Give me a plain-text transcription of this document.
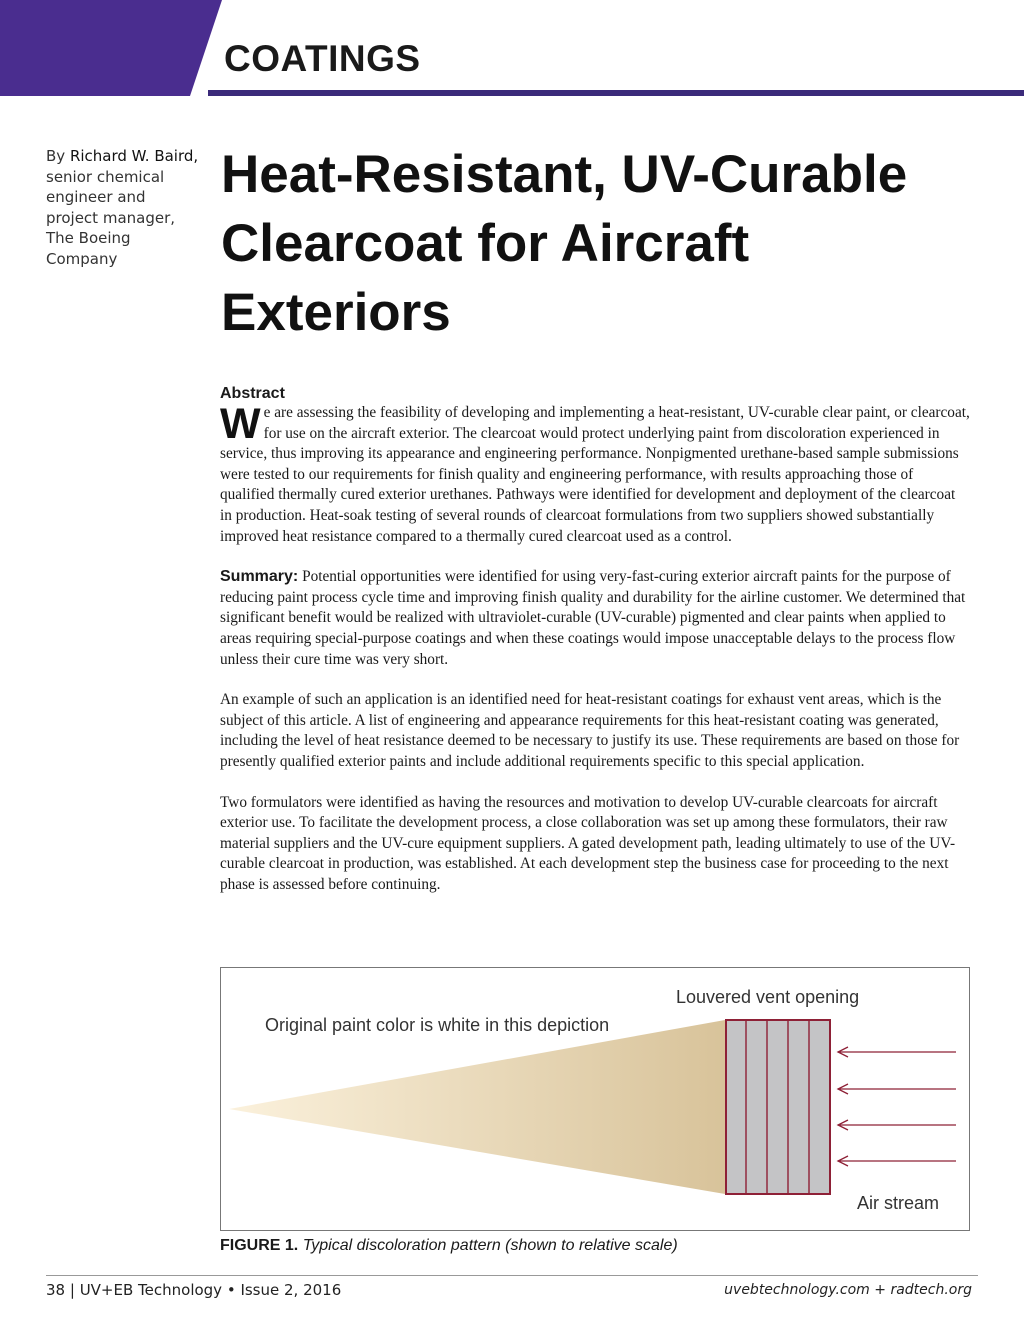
COATINGS
By Richard W. Baird,
senior chemical
engineer and
project manager,
The Boeing
Company
Heat-Resistant, UV-Curable
Clearcoat for Aircraft
Exteriors
Abstract

We are assessing the feasibility of developing and implementing a heat-resistant, UV-curable clear paint, or clearcoat, for use on the aircraft exterior. The clearcoat would protect underlying paint from discoloration experienced in service, thus improving its appearance and engineering performance. Nonpigmented urethane-based sample submissions were tested to our requirements for finish quality and engineering performance, with results approaching those of qualified thermally cured exterior urethanes. Pathways were identified for development and deployment of the clearcoat in production. Heat-soak testing of several rounds of clearcoat formulations from two suppliers showed substantially improved heat resistance compared to a thermally cured clearcoat used as a control.

Summary: Potential opportunities were identified for using very-fast-curing exterior aircraft paints for the purpose of reducing paint process cycle time and improving finish quality and durability for the airline customer. We determined that significant benefit would be realized with ultraviolet-curable (UV-curable) pigmented and clear paints when applied to areas requiring special-purpose coatings and when these coatings would impose unacceptable delays to the process flow unless their cure time was very short.

An example of such an application is an identified need for heat-resistant coatings for exhaust vent areas, which is the subject of this article. A list of engineering and appearance requirements for this heat-resistant coating was generated, including the level of heat resistance deemed to be necessary to justify its use. These requirements are based on those for presently qualified exterior paints and include additional requirements specific to this special application.

Two formulators were identified as having the resources and motivation to develop UV-curable clearcoats for aircraft exterior use. To facilitate the development process, a close collaboration was set up among these formulators, their raw material suppliers and the UV-cure equipment suppliers. A gated development path, leading ultimately to use of the UV-curable clearcoat in production, was established. At each development step the business case for proceeding to the next phase is assessed before continuing.

Original paint color is white in this depiction
Louvered vent opening
Air stream
FIGURE 1. Typical discoloration pattern (shown to relative scale)
38 | UV+EB Technology • Issue 2, 2016	uvebtechnology.com + radtech.org
